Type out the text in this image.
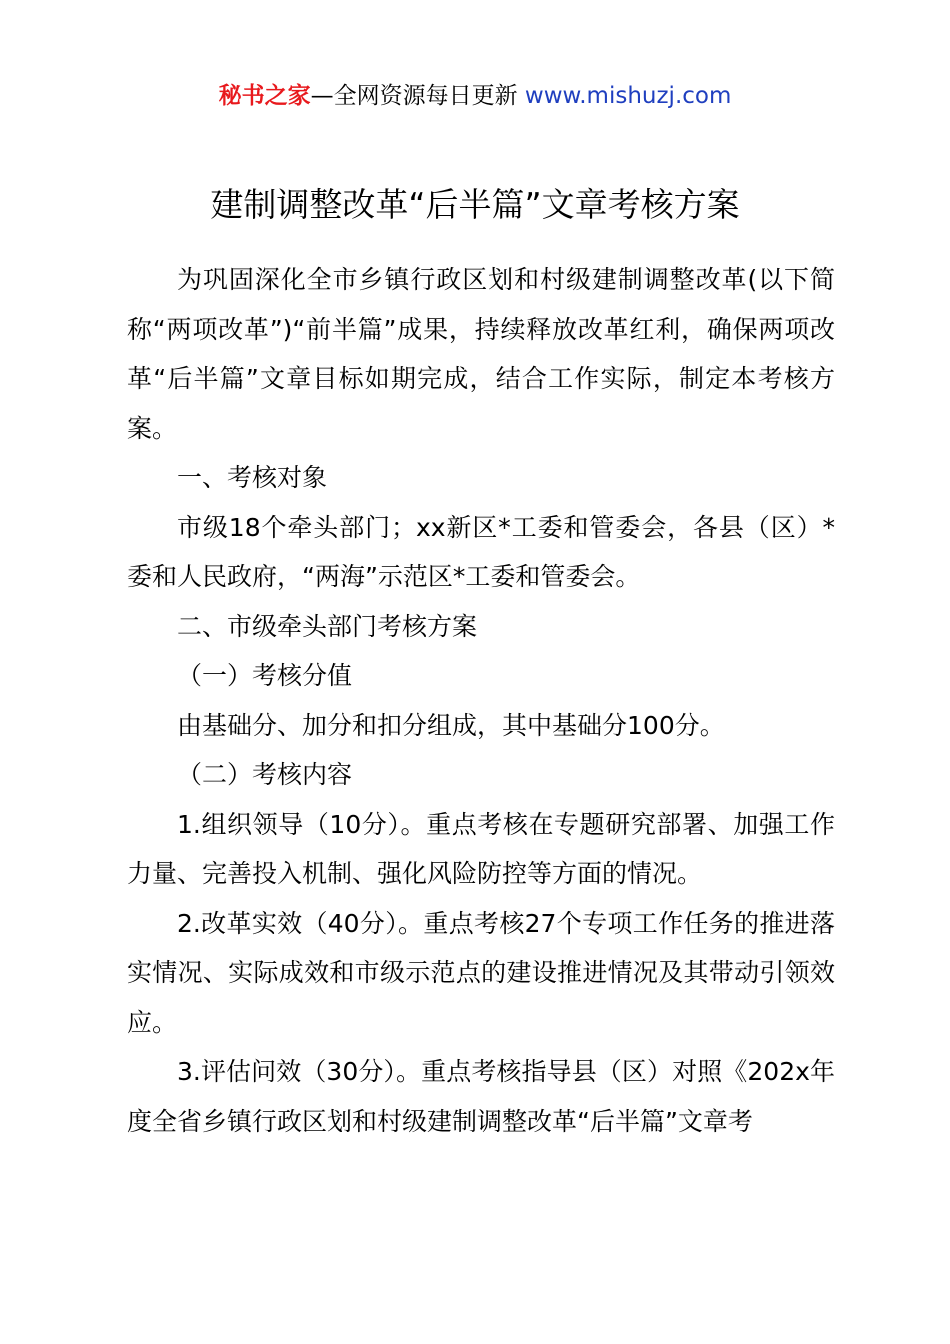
秘书之家—全网资源每日更新 www.mishuzj.com
建制调整改革“后半篇”文章考核方案

为巩固深化全市乡镇行政区划和村级建制调整改革(以下简称“两项改革”)“前半篇”成果，持续释放改革红利，确保两项改革“后半篇”文章目标如期完成，结合工作实际，制定本考核方案。

一、考核对象

市级18个牵头部门；xx新区*工委和管委会，各县（区）*委和人民政府，“两海”示范区*工委和管委会。

二、市级牵头部门考核方案

（一）考核分值

由基础分、加分和扣分组成，其中基础分100分。

（二）考核内容

1.组织领导（10分）。重点考核在专题研究部署、加强工作力量、完善投入机制、强化风险防控等方面的情况。

2.改革实效（40分）。重点考核27个专项工作任务的推进落实情况、实际成效和市级示范点的建设推进情况及其带动引领效应。

3.评估问效（30分）。重点考核指导县（区）对照《202x年度全省乡镇行政区划和村级建制调整改革“后半篇”文章考
